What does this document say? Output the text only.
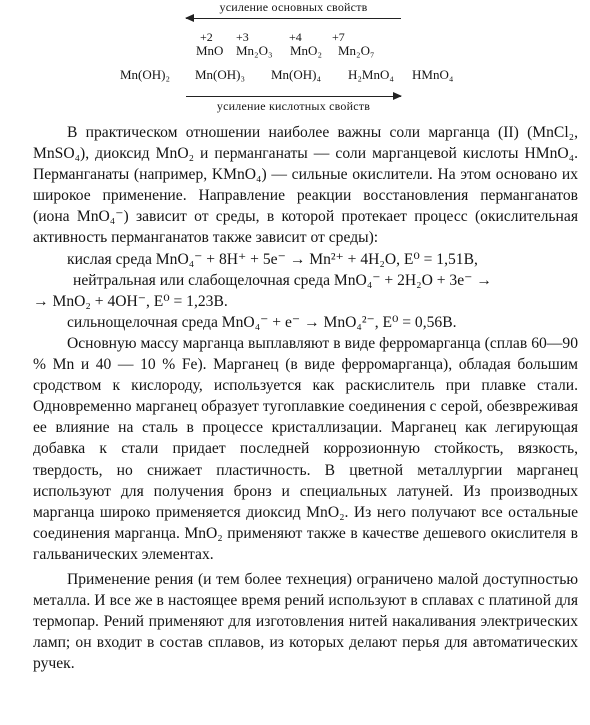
усиление основных свойств
+2 +3	+4	+7
MnO Mn₂O₃ MnO₂ Mn₂O₇
Mn(OH)₂ Mn(OH)₃ Mn(OH)₄ H₂MnO₄ HMnO₄
усиление кислотных свойств

В практическом отношении наиболее важны соли марганца (II) (MnCl₂, MnSO₄), диоксид MnO₂ и перманганаты — соли марганцевой кислоты HMnO₄. Перманганаты (например, KMnO₄) — сильные окислители. На этом основано их широкое применение. Направление реакции восстановления перманганатов (иона MnO₄⁻) зависит от среды, в которой протекает процесс (окислительная активность перманганатов также зависит от среды):

кислая среда MnO₄⁻ + 8H⁺ + 5e⁻ → Mn²⁺ + 4H₂O, E⁰ = 1,51В,

нейтральная или слабощелочная среда MnO₄⁻ + 2H₂O + 3e⁻ →

→ MnO₂ + 4OH⁻, E⁰ = 1,23В.

сильнощелочная среда MnO₄⁻ + e⁻ → MnO₄²⁻, E⁰ = 0,56В.

Основную массу марганца выплавляют в виде ферромарганца (сплав 60—90 % Mn и 40 — 10 % Fe). Марганец (в виде ферромарганца), обладая большим сродством к кислороду, используется как раскислитель при плавке стали. Одновременно марганец образует тугоплавкие соединения с серой, обезвреживая ее влияние на сталь в процессе кристаллизации. Марганец как легирующая добавка к стали придает последней коррозионную стойкость, вязкость, твердость, но снижает пластичность. В цветной металлургии марганец используют для получения бронз и специальных латуней. Из производных марганца широко применяется диоксид MnO₂. Из него получают все остальные соединения марганца. MnO₂ применяют также в качестве дешевого окислителя в гальванических элементах.

Применение рения (и тем более технеция) ограничено малой доступностью металла. И все же в настоящее время рений используют в сплавах с платиной для термопар. Рений применяют для изготовления нитей накаливания электрических ламп; он входит в состав сплавов, из которых делают перья для автоматических ручек.
